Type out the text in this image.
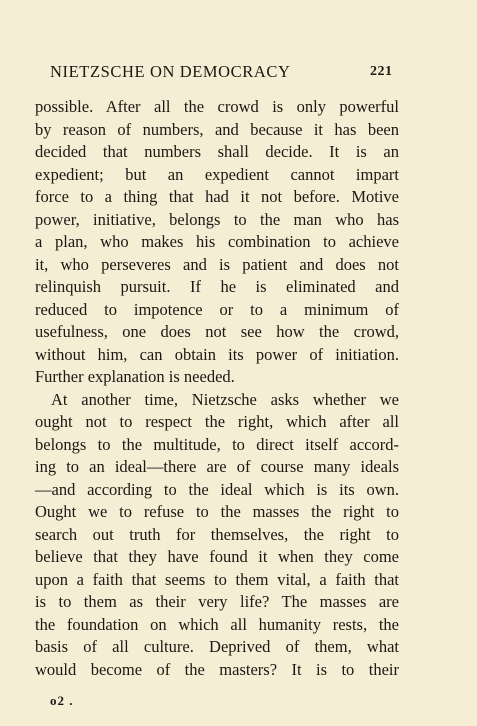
NIETZSCHE ON DEMOCRACY	221
possible. After all the crowd is only powerful
by reason of numbers, and because it has been
decided that numbers shall decide. It is an
expedient; but an expedient cannot impart
force to a thing that had it not before. Motive
power, initiative, belongs to the man who has
a plan, who makes his combination to achieve
it, who perseveres and is patient and does not
relinquish pursuit. If he is eliminated and
reduced to impotence or to a minimum of
usefulness, one does not see how the crowd,
without him, can obtain its power of initiation.
Further explanation is needed.
At another time, Nietzsche asks whether we
ought not to respect the right, which after all
belongs to the multitude, to direct itself accord-
ing to an ideal—there are of course many ideals
—and according to the ideal which is its own.
Ought we to refuse to the masses the right to
search out truth for themselves, the right to
believe that they have found it when they come
upon a faith that seems to them vital, a faith that
is to them as their very life? The masses are
the foundation on which all humanity rests, the
basis of all culture. Deprived of them, what
would become of the masters? It is to their
o2 .
